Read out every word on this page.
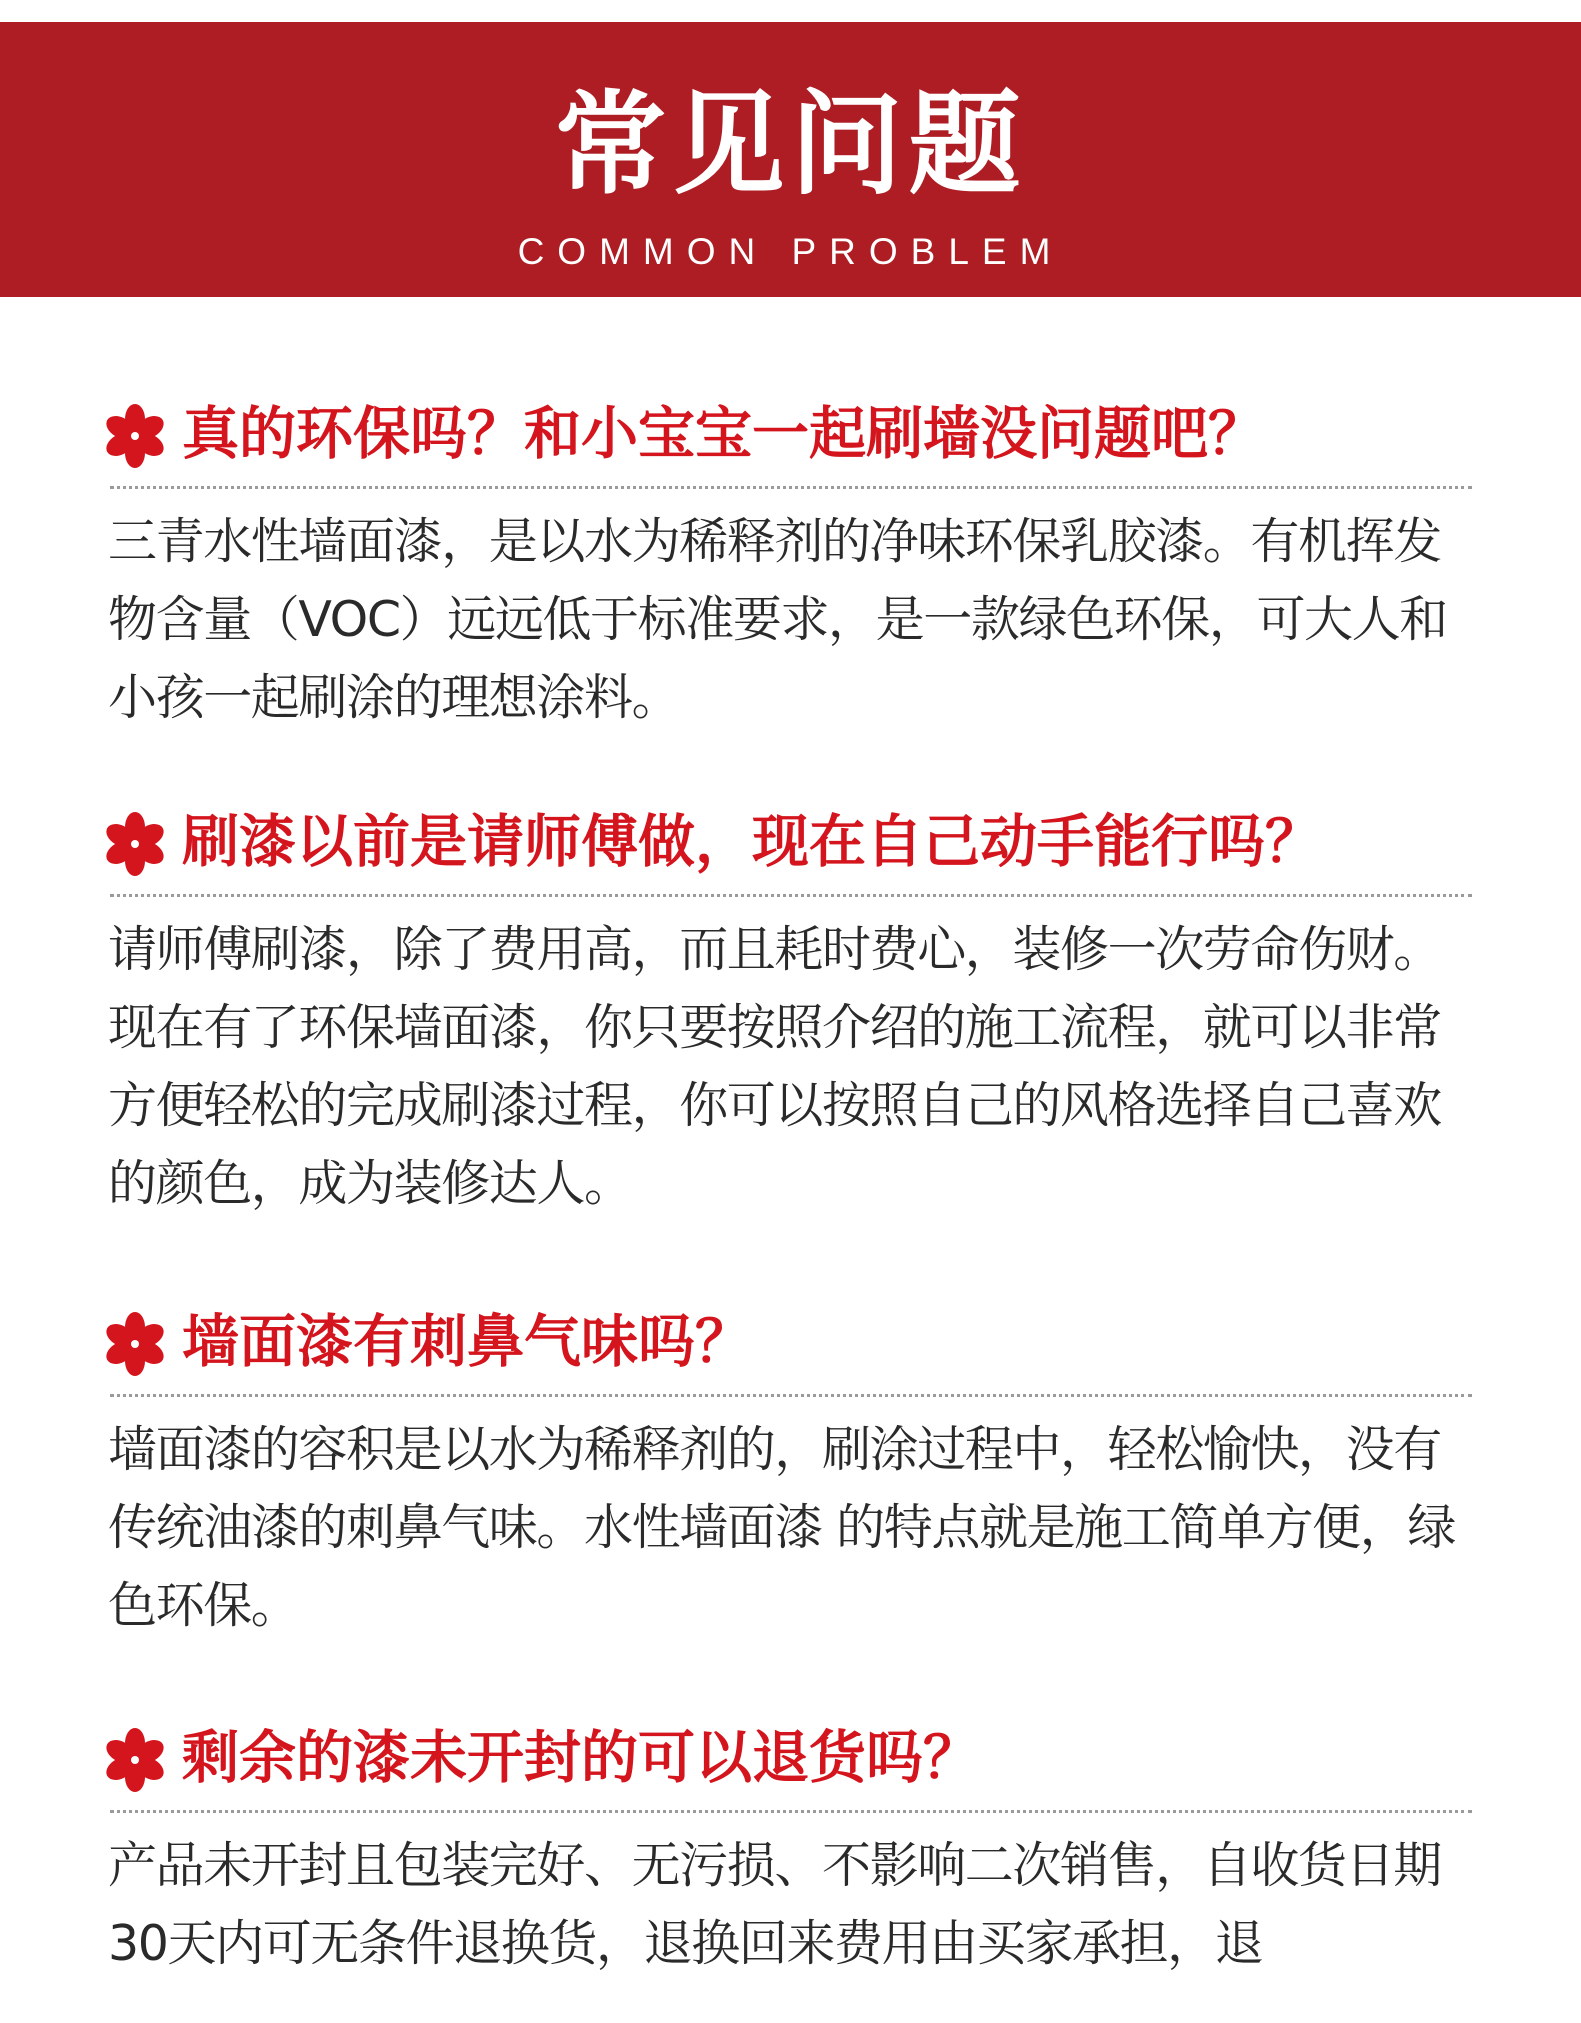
常见问题
COMMON PROBLEM
真的环保吗？和小宝宝一起刷墙没问题吧？
三青水性墙面漆，是以水为稀释剂的净味环保乳胶漆。有机挥发物含量（VOC）远远低于标准要求，是一款绿色环保，可大人和小孩一起刷涂的理想涂料。
刷漆以前是请师傅做，现在自己动手能行吗？
请师傅刷漆，除了费用高，而且耗时费心，装修一次劳命伤财。现在有了环保墙面漆，你只要按照介绍的施工流程，就可以非常方便轻松的完成刷漆过程，你可以按照自己的风格选择自己喜欢的颜色，成为装修达人。
墙面漆有刺鼻气味吗？
墙面漆的容积是以水为稀释剂的，刷涂过程中，轻松愉快，没有传统油漆的刺鼻气味。水性墙面漆 的特点就是施工简单方便，绿色环保。
剩余的漆未开封的可以退货吗？
产品未开封且包装完好、无污损、不影响二次销售，自收货日期30天内可无条件退换货，退换回来费用由买家承担，退
